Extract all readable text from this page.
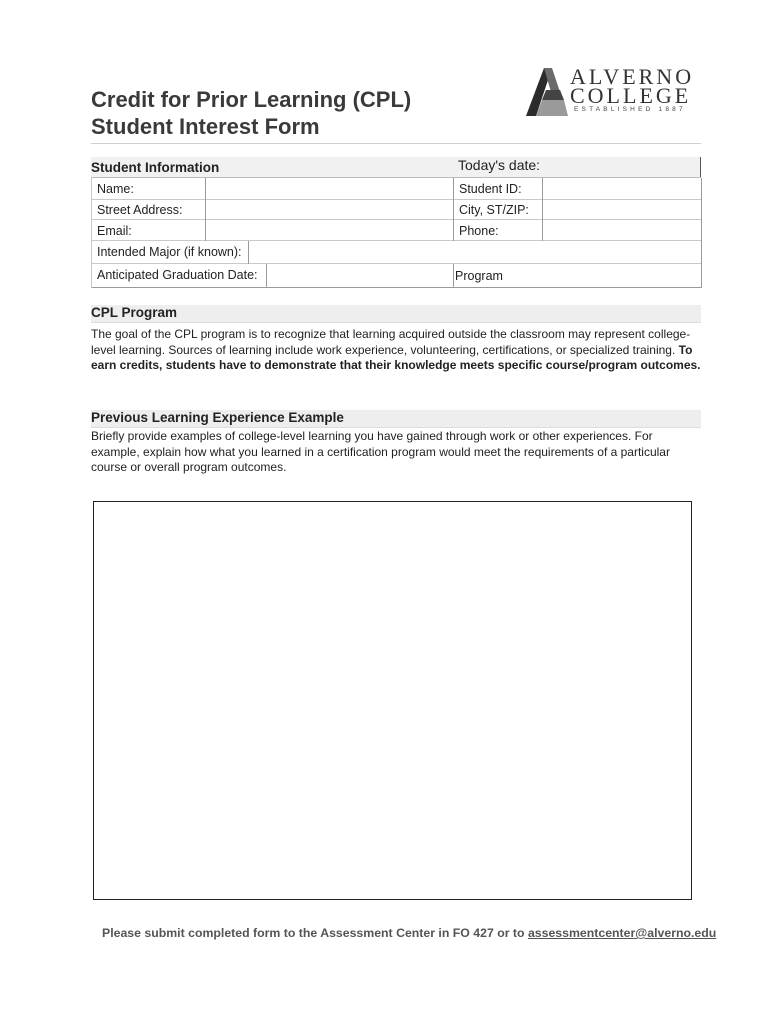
Credit for Prior Learning (CPL)
Student Interest Form
ALVERNO
COLLEGE
ESTABLISHED 1887
Student Information	Today's date:
Name:	Student ID:
Street Address:	City, ST/ZIP:
Email:	Phone:
Intended Major (if known):
Anticipated Graduation Date:	Program
CPL Program
The goal of the CPL program is to recognize that learning acquired outside the classroom may represent college-level learning. Sources of learning include work experience, volunteering, certifications, or specialized training. To earn credits, students have to demonstrate that their knowledge meets specific course/program outcomes.
Previous Learning Experience Example
Briefly provide examples of college-level learning you have gained through work or other experiences. For example, explain how what you learned in a certification program would meet the requirements of a particular course or overall program outcomes.
Please submit completed form to the Assessment Center in FO 427 or to assessmentcenter@alverno.edu
